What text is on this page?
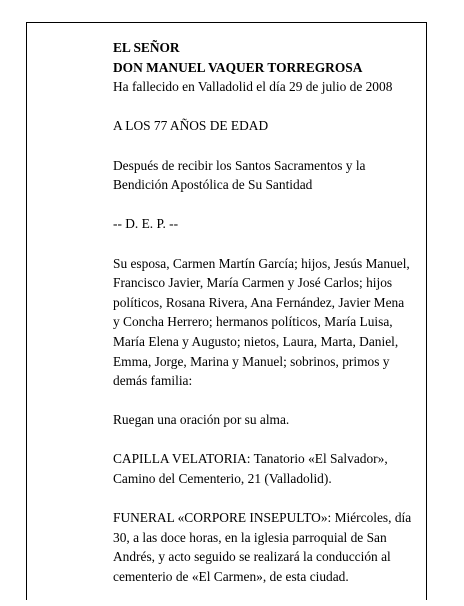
EL SEÑOR
DON MANUEL VAQUER TORREGROSA
Ha fallecido en Valladolid el día 29 de julio de 2008

A LOS 77 AÑOS DE EDAD

Después de recibir los Santos Sacramentos y la
Bendición Apostólica de Su Santidad

-- D. E. P. --

Su esposa, Carmen Martín García; hijos, Jesús Manuel,
Francisco Javier, María Carmen y José Carlos; hijos
políticos, Rosana Rivera, Ana Fernández, Javier Mena
y Concha Herrero; hermanos políticos, María Luisa,
María Elena y Augusto; nietos, Laura, Marta, Daniel,
Emma, Jorge, Marina y Manuel; sobrinos, primos y
demás familia:

Ruegan una oración por su alma.

CAPILLA VELATORIA: Tanatorio «El Salvador»,
Camino del Cementerio, 21 (Valladolid).

FUNERAL «CORPORE INSEPULTO»: Miércoles, día
30, a las doce horas, en la iglesia parroquial de San
Andrés, y acto seguido se realizará la conducción al
cementerio de «El Carmen», de esta ciudad.
